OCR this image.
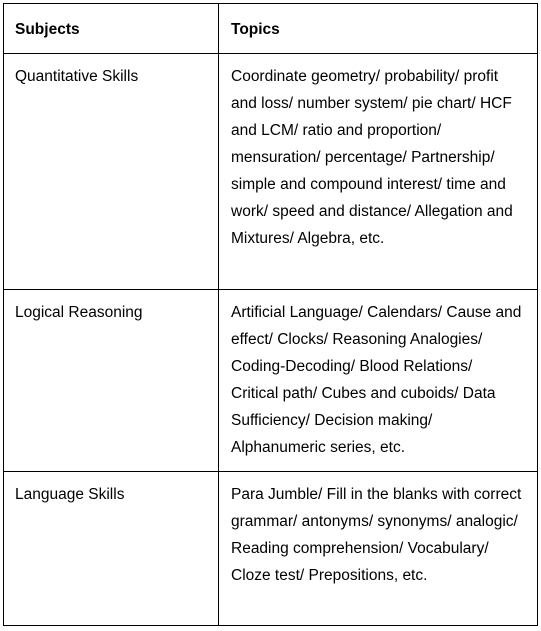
Subjects	Topics
Quantitative Skills	Coordinate geometry/ probability/ profit and loss/ number system/ pie chart/ HCF and LCM/ ratio and proportion/ mensuration/ percentage/ Partnership/ simple and compound interest/ time and work/ speed and distance/ Allegation and Mixtures/ Algebra, etc.
Logical Reasoning	Artificial Language/ Calendars/ Cause and effect/ Clocks/ Reasoning Analogies/ Coding-Decoding/ Blood Relations/ Critical path/ Cubes and cuboids/ Data Sufficiency/ Decision making/ Alphanumeric series, etc.
Language Skills	Para Jumble/ Fill in the blanks with correct grammar/ antonyms/ synonyms/ analogic/ Reading comprehension/ Vocabulary/ Cloze test/ Prepositions, etc.
